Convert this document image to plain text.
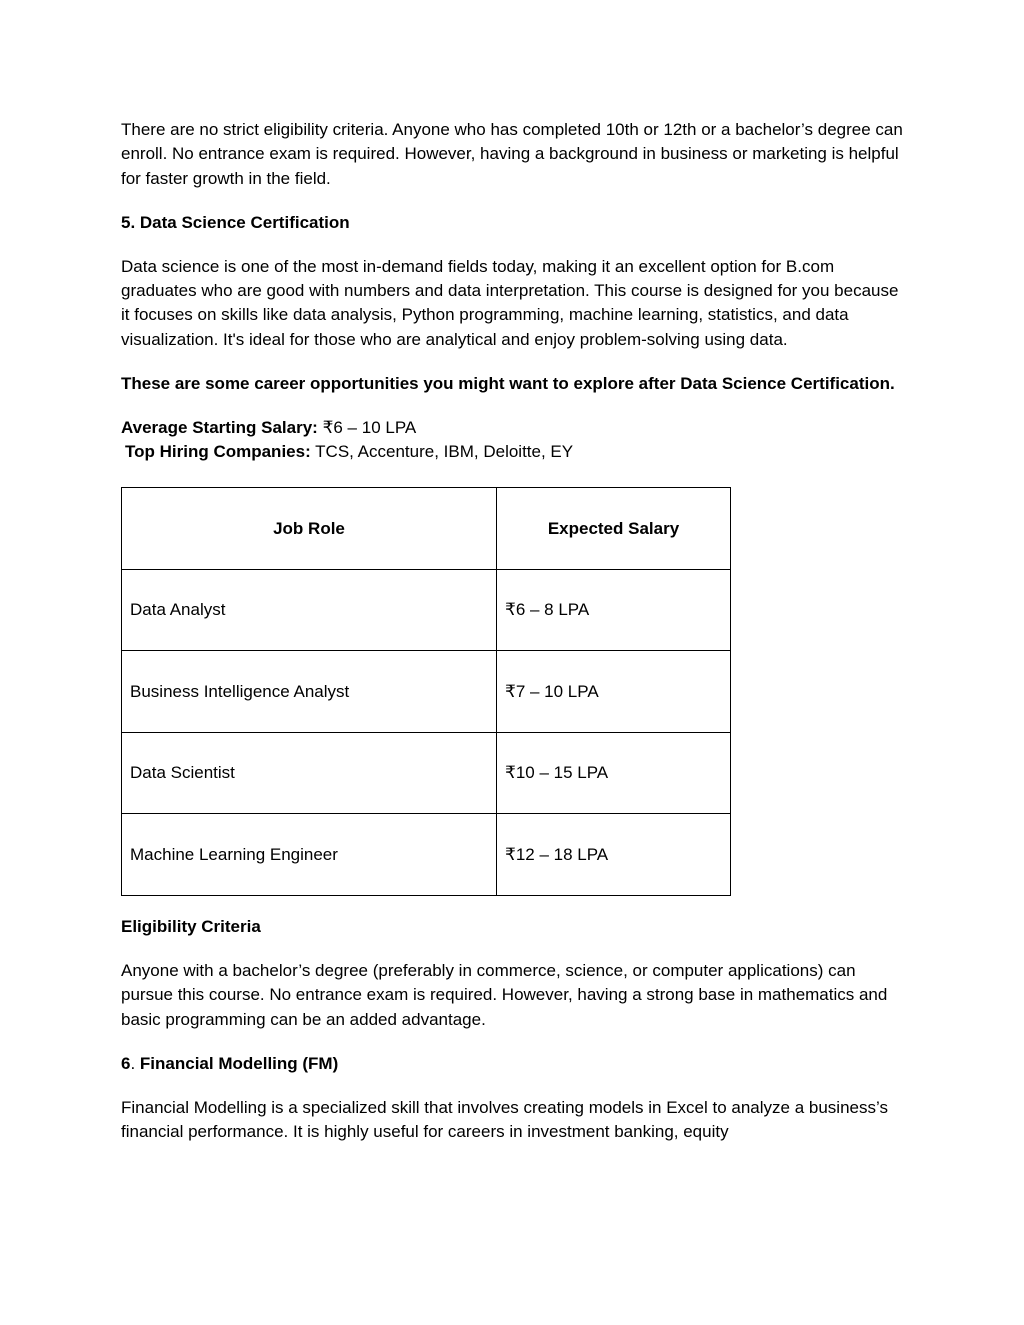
There are no strict eligibility criteria. Anyone who has completed 10th or 12th or a bachelor’s degree can enroll. No entrance exam is required. However, having a background in business or marketing is helpful for faster growth in the field.

5. Data Science Certification

Data science is one of the most in-demand fields today, making it an excellent option for B.com graduates who are good with numbers and data interpretation. This course is designed for you because it focuses on skills like data analysis, Python programming, machine learning, statistics, and data visualization. It's ideal for those who are analytical and enjoy problem-solving using data.

These are some career opportunities you might want to explore after Data Science Certification.

Average Starting Salary: ₹6 – 10 LPA
Top Hiring Companies: TCS, Accenture, IBM, Deloitte, EY
Job Role	Expected Salary
Data Analyst	₹6 – 8 LPA
Business Intelligence Analyst	₹7 – 10 LPA
Data Scientist	₹10 – 15 LPA
Machine Learning Engineer	₹12 – 18 LPA

Eligibility Criteria

Anyone with a bachelor’s degree (preferably in commerce, science, or computer applications) can pursue this course. No entrance exam is required. However, having a strong base in mathematics and basic programming can be an added advantage.

6. Financial Modelling (FM)

Financial Modelling is a specialized skill that involves creating models in Excel to analyze a business’s financial performance. It is highly useful for careers in investment banking, equity
